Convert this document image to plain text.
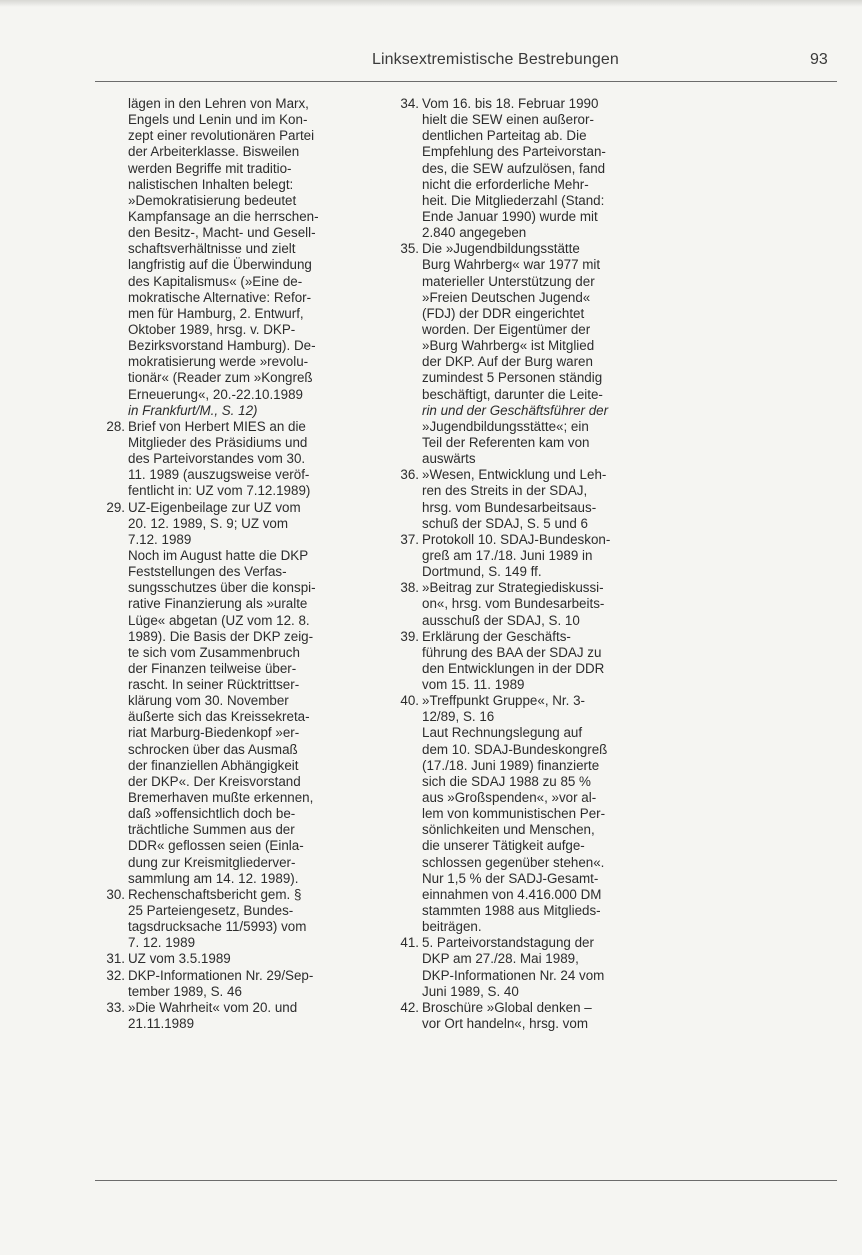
Linksextremistische Bestrebungen	93
lägen in den Lehren von Marx,
Engels und Lenin und im Kon-
zept einer revolutionären Partei
der Arbeiterklasse. Bisweilen
werden Begriffe mit traditio-
nalistischen Inhalten belegt:
»Demokratisierung bedeutet
Kampfansage an die herrschen-
den Besitz-, Macht- und Gesell-
schaftsverhältnisse und zielt
langfristig auf die Überwindung
des Kapitalismus« (»Eine de-
mokratische Alternative: Refor-
men für Hamburg, 2. Entwurf,
Oktober 1989, hrsg. v. DKP-
Bezirksvorstand Hamburg). De-
mokratisierung werde »revolu-
tionär« (Reader zum »Kongreß
Erneuerung«, 20.-22.10.1989
in Frankfurt/M., S. 12)
28. Brief von Herbert MIES an die
Mitglieder des Präsidiums und
des Parteivorstandes vom 30.
11. 1989 (auszugsweise veröf-
fentlicht in: UZ vom 7.12.1989)
29. UZ-Eigenbeilage zur UZ vom
20. 12. 1989, S. 9; UZ vom
7.12. 1989
Noch im August hatte die DKP
Feststellungen des Verfas-
sungsschutzes über die konspi-
rative Finanzierung als »uralte
Lüge« abgetan (UZ vom 12. 8.
1989). Die Basis der DKP zeig-
te sich vom Zusammenbruch
der Finanzen teilweise über-
rascht. In seiner Rücktrittser-
klärung vom 30. November
äußerte sich das Kreissekreta-
riat Marburg-Biedenkopf »er-
schrocken über das Ausmaß
der finanziellen Abhängigkeit
der DKP«. Der Kreisvorstand
Bremerhaven mußte erkennen,
daß »offensichtlich doch be-
trächtliche Summen aus der
DDR« geflossen seien (Einla-
dung zur Kreismitgliederver-
sammlung am 14. 12. 1989).
30. Rechenschaftsbericht gem. §
25 Parteiengesetz, Bundes-
tagsdrucksache 11/5993) vom
7. 12. 1989
31. UZ vom 3.5.1989
32. DKP-Informationen Nr. 29/Sep-
tember 1989, S. 46
33. »Die Wahrheit« vom 20. und
21.11.1989
34. Vom 16. bis 18. Februar 1990
hielt die SEW einen außeror-
dentlichen Parteitag ab. Die
Empfehlung des Parteivorstan-
des, die SEW aufzulösen, fand
nicht die erforderliche Mehr-
heit. Die Mitgliederzahl (Stand:
Ende Januar 1990) wurde mit
2.840 angegeben
35. Die »Jugendbildungsstätte
Burg Wahrberg« war 1977 mit
materieller Unterstützung der
»Freien Deutschen Jugend«
(FDJ) der DDR eingerichtet
worden. Der Eigentümer der
»Burg Wahrberg« ist Mitglied
der DKP. Auf der Burg waren
zumindest 5 Personen ständig
beschäftigt, darunter die Leite-
rin und der Geschäftsführer der
»Jugendbildungsstätte«; ein
Teil der Referenten kam von
auswärts
36. »Wesen, Entwicklung und Leh-
ren des Streits in der SDAJ,
hrsg. vom Bundesarbeitsaus-
schuß der SDAJ, S. 5 und 6
37. Protokoll 10. SDAJ-Bundeskon-
greß am 17./18. Juni 1989 in
Dortmund, S. 149 ff.
38. »Beitrag zur Strategiediskussi-
on«, hrsg. vom Bundesarbeits-
ausschuß der SDAJ, S. 10
39. Erklärung der Geschäfts-
führung des BAA der SDAJ zu
den Entwicklungen in der DDR
vom 15. 11. 1989
40. »Treffpunkt Gruppe«, Nr. 3-
12/89, S. 16
Laut Rechnungslegung auf
dem 10. SDAJ-Bundeskongreß
(17./18. Juni 1989) finanzierte
sich die SDAJ 1988 zu 85 %
aus »Großspenden«, »vor al-
lem von kommunistischen Per-
sönlichkeiten und Menschen,
die unserer Tätigkeit aufge-
schlossen gegenüber stehen«.
Nur 1,5 % der SADJ-Gesamt-
einnahmen von 4.416.000 DM
stammten 1988 aus Mitglieds-
beiträgen.
41. 5. Parteivorstandstagung der
DKP am 27./28. Mai 1989,
DKP-Informationen Nr. 24 vom
Juni 1989, S. 40
42. Broschüre »Global denken –
vor Ort handeln«, hrsg. vom
